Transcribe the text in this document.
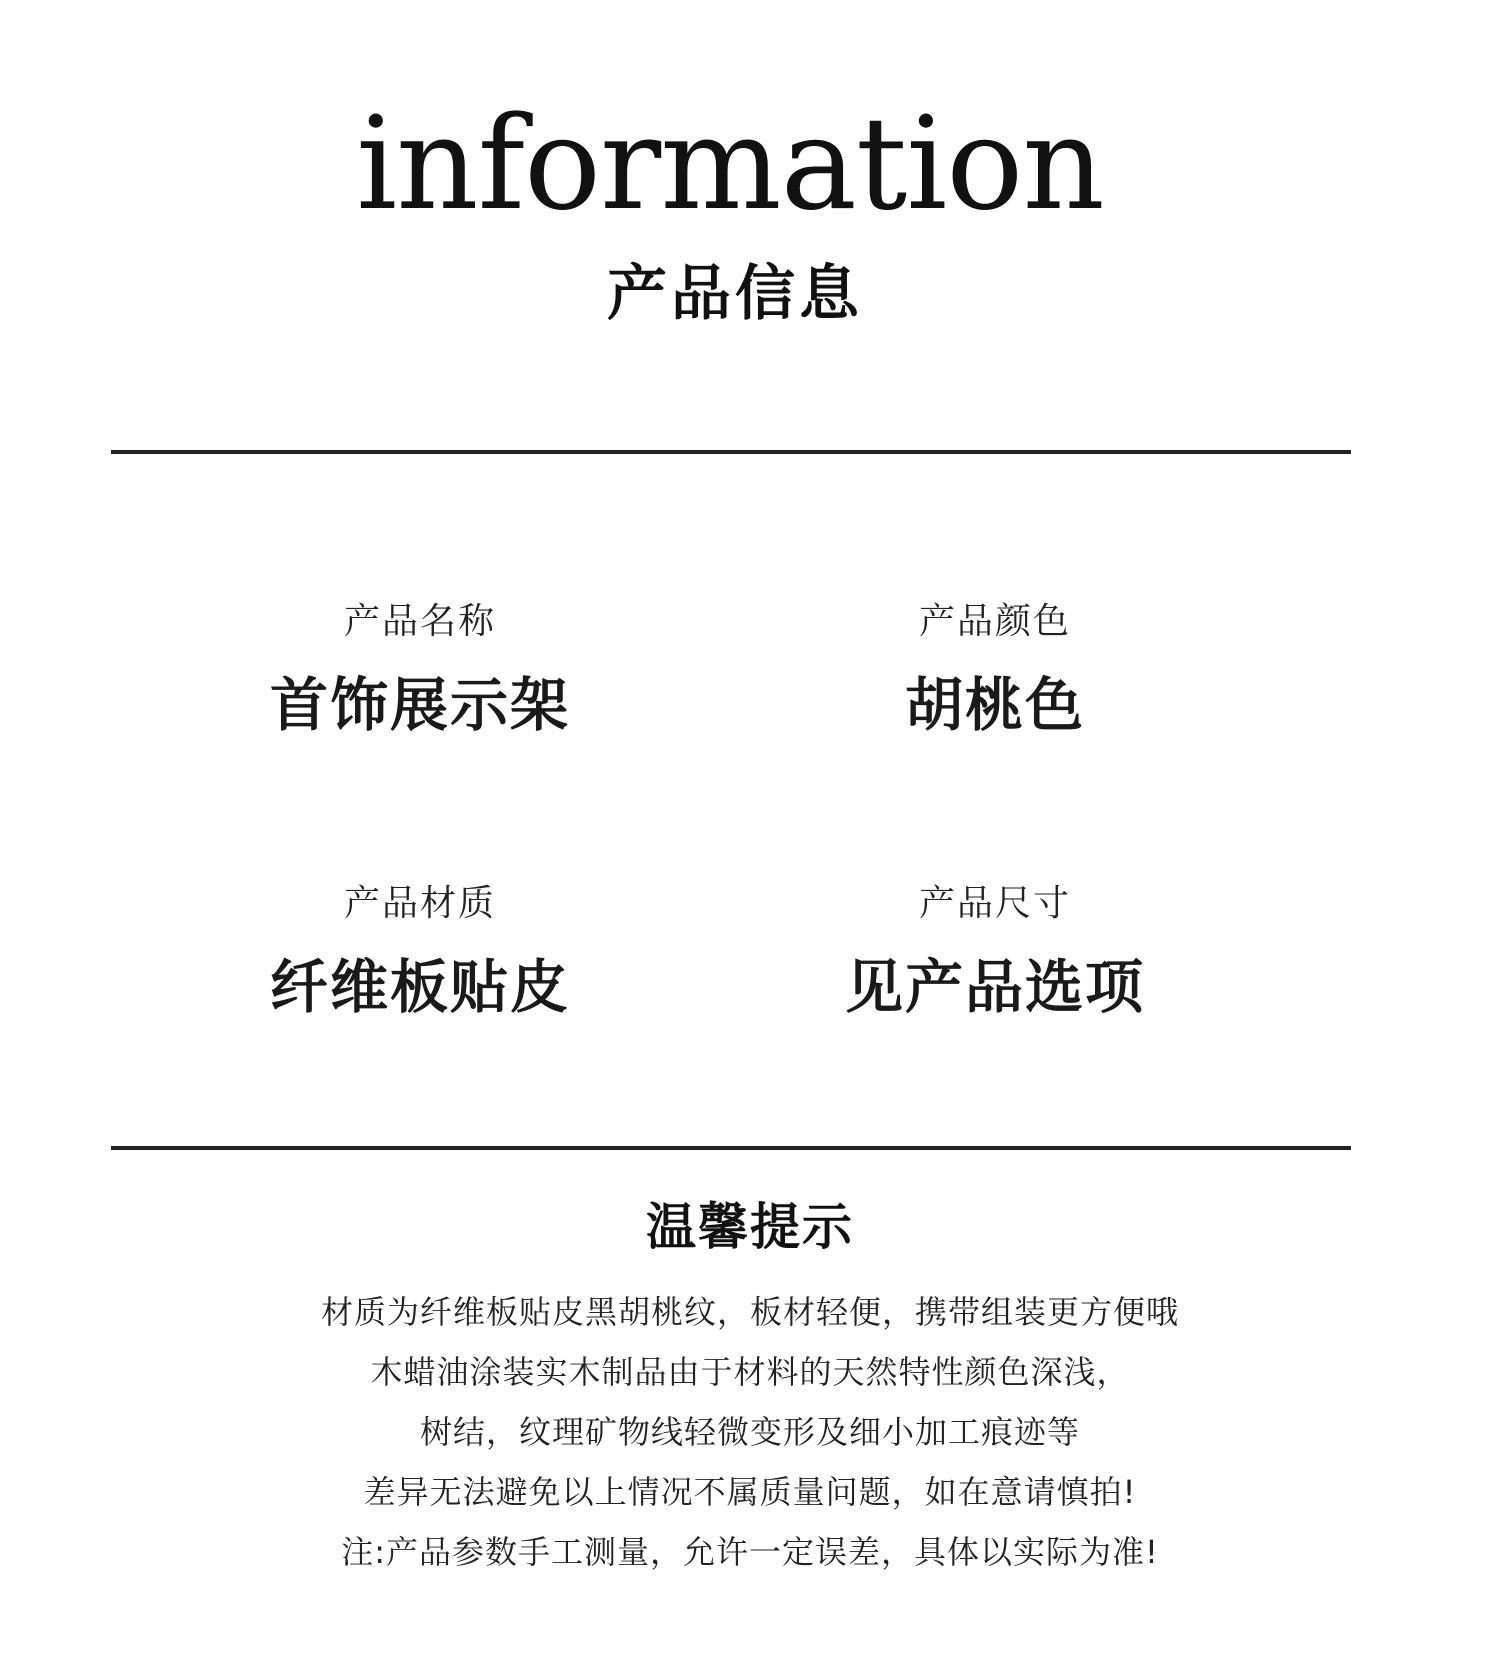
information
产品信息
产品名称
首饰展示架
产品颜色
胡桃色
产品材质
纤维板贴皮
产品尺寸
见产品选项
温馨提示
材质为纤维板贴皮黑胡桃纹，板材轻便，携带组装更方便哦
木蜡油涂装实木制品由于材料的天然特性颜色深浅，
树结，纹理矿物线轻微变形及细小加工痕迹等
差异无法避免以上情况不属质量问题，如在意请慎拍!
注:产品参数手工测量，允许一定误差，具体以实际为准!
